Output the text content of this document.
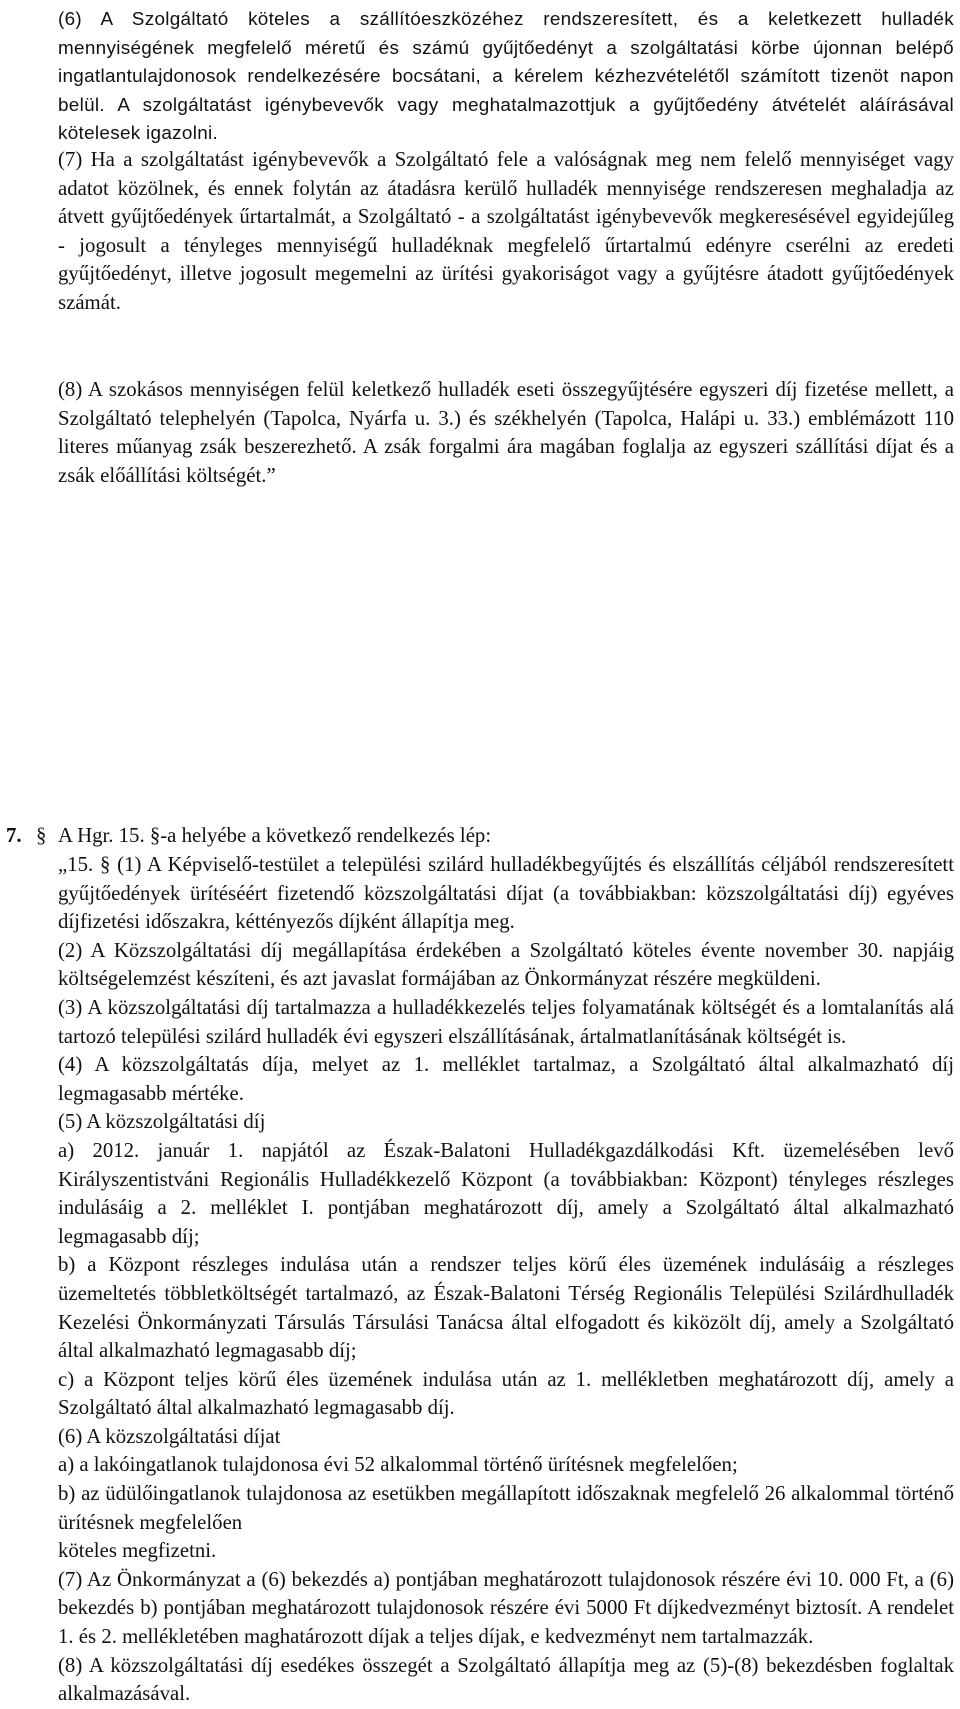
(6) A Szolgáltató köteles a szállítóeszközéhez rendszeresített, és a keletkezett hulladék mennyiségének megfelelő méretű és számú gyűjtőedényt a szolgáltatási körbe újonnan belépő ingatlantulajdonosok rendelkezésére bocsátani, a kérelem kézhezvételétől számított tizenöt napon belül. A szolgáltatást igénybevevők vagy meghatalmazottjuk a gyűjtőedény átvételét aláírásával kötelesek igazolni.

(7) Ha a szolgáltatást igénybevevők a Szolgáltató fele a valóságnak meg nem felelő mennyiséget vagy adatot közölnek, és ennek folytán az átadásra kerülő hulladék mennyisége rendszeresen meghaladja az átvett gyűjtőedények űrtartalmát, a Szolgáltató - a szolgáltatást igénybevevők megkeresésével egyidejűleg - jogosult a tényleges mennyiségű hulladéknak megfelelő űrtartalmú edényre cserélni az eredeti gyűjtőedényt, illetve jogosult megemelni az ürítési gyakoriságot vagy a gyűjtésre átadott gyűjtőedények számát.

(8) A szokásos mennyiségen felül keletkező hulladék eseti összegyűjtésére egyszeri díj fizetése mellett, a Szolgáltató telephelyén (Tapolca, Nyárfa u. 3.) és székhelyén (Tapolca, Halápi u. 33.) emblémázott 110 literes műanyag zsák beszerezhető. A zsák forgalmi ára magában foglalja az egyszeri szállítási díjat és a zsák előállítási költségét.”

7. § A Hgr. 15. §-a helyébe a következő rendelkezés lép:

„15. § (1) A Képviselő-testület a települési szilárd hulladékbegyűjtés és elszállítás céljából rendszeresített gyűjtőedények ürítéséért fizetendő közszolgáltatási díjat (a továbbiakban: közszolgáltatási díj) egyéves díjfizetési időszakra, kéttényezős díjként állapítja meg.

(2) A Közszolgáltatási díj megállapítása érdekében a Szolgáltató köteles évente november 30. napjáig költségelemzést készíteni, és azt javaslat formájában az Önkormányzat részére megküldeni.

(3) A közszolgáltatási díj tartalmazza a hulladékkezelés teljes folyamatának költségét és a lomtalanítás alá tartozó települési szilárd hulladék évi egyszeri elszállításának, ártalmatlanításának költségét is.

(4) A közszolgáltatás díja, melyet az 1. melléklet tartalmaz, a Szolgáltató által alkalmazható díj legmagasabb mértéke.

(5) A közszolgáltatási díj

a) 2012. január 1. napjától az Észak-Balatoni Hulladékgazdálkodási Kft. üzemelésében levő Királyszentistváni Regionális Hulladékkezelő Központ (a továbbiakban: Központ) tényleges részleges indulásáig a 2. melléklet I. pontjában meghatározott díj, amely a Szolgáltató által alkalmazható legmagasabb díj;

b) a Központ részleges indulása után a rendszer teljes körű éles üzemének indulásáig a részleges üzemeltetés többletköltségét tartalmazó, az Észak-Balatoni Térség Regionális Települési Szilárdhulladék Kezelési Önkormányzati Társulás Társulási Tanácsa által elfogadott és kiközölt díj, amely a Szolgáltató által alkalmazható legmagasabb díj;

c) a Központ teljes körű éles üzemének indulása után az 1. mellékletben meghatározott díj, amely a Szolgáltató által alkalmazható legmagasabb díj.

(6) A közszolgáltatási díjat

a) a lakóingatlanok tulajdonosa évi 52 alkalommal történő ürítésnek megfelelően;

b) az üdülőingatlanok tulajdonosa az esetükben megállapított időszaknak megfelelő 26 alkalommal történő ürítésnek megfelelően

köteles megfizetni.

(7) Az Önkormányzat a (6) bekezdés a) pontjában meghatározott tulajdonosok részére évi 10. 000 Ft, a (6) bekezdés b) pontjában meghatározott tulajdonosok részére évi 5000 Ft díjkedvezményt biztosít. A rendelet 1. és 2. mellékletében maghatározott díjak a teljes díjak, e kedvezményt nem tartalmazzák.

(8) A közszolgáltatási díj esedékes összegét a Szolgáltató állapítja meg az (5)-(8) bekezdésben foglaltak alkalmazásával.
